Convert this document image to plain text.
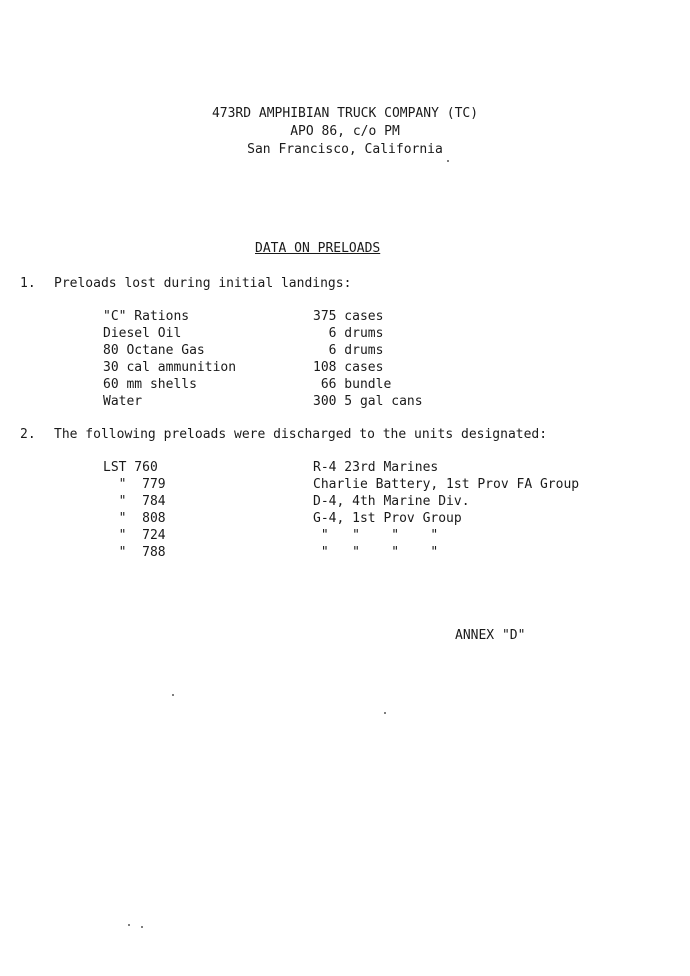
473RD AMPHIBIAN TRUCK COMPANY (TC)
APO 86, c/o PM
San Francisco, California
DATA ON PRELOADS
1. Preloads lost during initial landings:
"C" Rations	375 cases
Diesel Oil	6 drums
80 Octane Gas	6 drums
30 cal ammunition	108 cases
60 mm shells	66 bundle
Water	300 5 gal cans
2. The following preloads were discharged to the units designated:
LST 760	R-4 23rd Marines
"  779	Charlie Battery, 1st Prov FA Group
"  784	D-4, 4th Marine Div.
"  808	G-4, 1st Prov Group
"  724	"   "    "    "
"  788	"   "    "    "
ANNEX "D"
